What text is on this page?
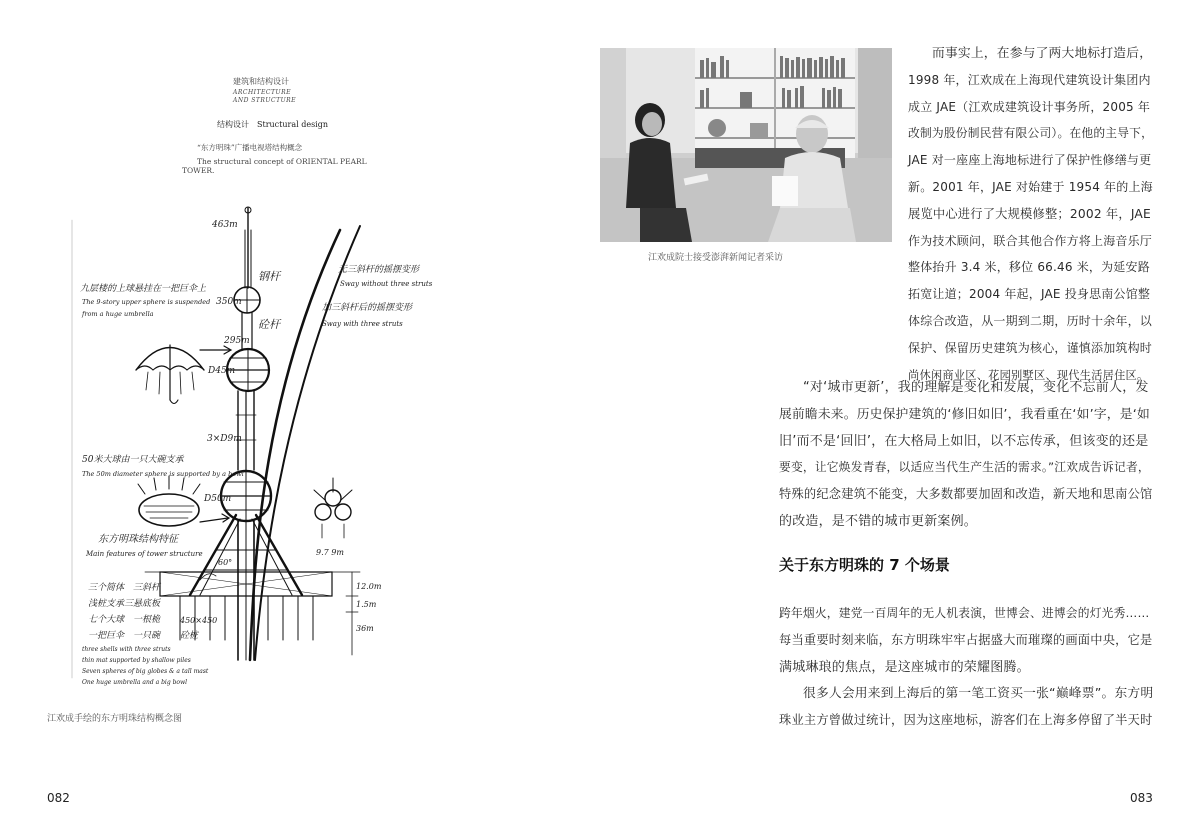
建筑和结构设计
ARCHITECTURE
AND STRUCTURE
结构设计　Structural design
“东方明珠”广播电视塔结构概念
The structural concept of ORIENTAL PEARL
TOWER.
463m
350m
295m
D45m
3×D9m
D50m
钢杆
砼杆
无三斜杆的摇摆变形
Sway without three struts
加三斜杆后的摇摆变形
Sway with three struts
九层楼的上球悬挂在一把巨伞上
The 9-story upper sphere is suspended
from a huge umbrella
50米大球由一只大碗支承
The 50m diameter sphere is supported by a bowl
东方明珠结构特征
Main features of tower structure
60°
9.7 9m
450×450
砼桩
12.0m
1.5m
36m
三个简体　三斜杆
浅桩支承三悬底板
七个大球　一根桅
一把巨伞　一只碗
three shells with three struts
thin mat supported by shallow piles
Seven spheres of big globes & a tall mast
One huge umbrella and a big bowl
江欢成手绘的东方明珠结构概念图
082
江欢成院士接受澎湃新闻记者采访
而事实上，在参与了两大地标打造后，
1998 年，江欢成在上海现代建筑设计集团内
成立 JAE（江欢成建筑设计事务所，2005 年
改制为股份制民营有限公司）。在他的主导下，
JAE 对一座座上海地标进行了保护性修缮与更
新。2001 年，JAE 对始建于 1954 年的上海
展览中心进行了大规模修整；2002 年，JAE
作为技术顾问，联合其他合作方将上海音乐厅
整体抬升 3.4 米，移位 66.46 米，为延安路
拓宽让道；2004 年起，JAE 投身思南公馆整
体综合改造，从一期到二期，历时十余年，以
保护、保留历史建筑为核心，谨慎添加筑构时
尚休闲商业区、花园别墅区、现代生活居住区。
“对‘城市更新’，我的理解是变化和发展，变化不忘前人，发
展前瞻未来。历史保护建筑的‘修旧如旧’，我看重在‘如’字，是‘如
旧’而不是‘回旧’，在大格局上如旧，以不忘传承，但该变的还是
要变，让它焕发青春，以适应当代生产生活的需求。”江欢成告诉记者，
特殊的纪念建筑不能变，大多数都要加固和改造，新天地和思南公馆
的改造，是不错的城市更新案例。
关于东方明珠的 7 个场景
跨年烟火，建党一百周年的无人机表演，世博会、进博会的灯光秀……
每当重要时刻来临，东方明珠牢牢占据盛大而璀璨的画面中央，它是
满城琳琅的焦点，是这座城市的荣耀图腾。
很多人会用来到上海后的第一笔工资买一张“巅峰票”。东方明
珠业主方曾做过统计，因为这座地标，游客们在上海多停留了半天时
083
